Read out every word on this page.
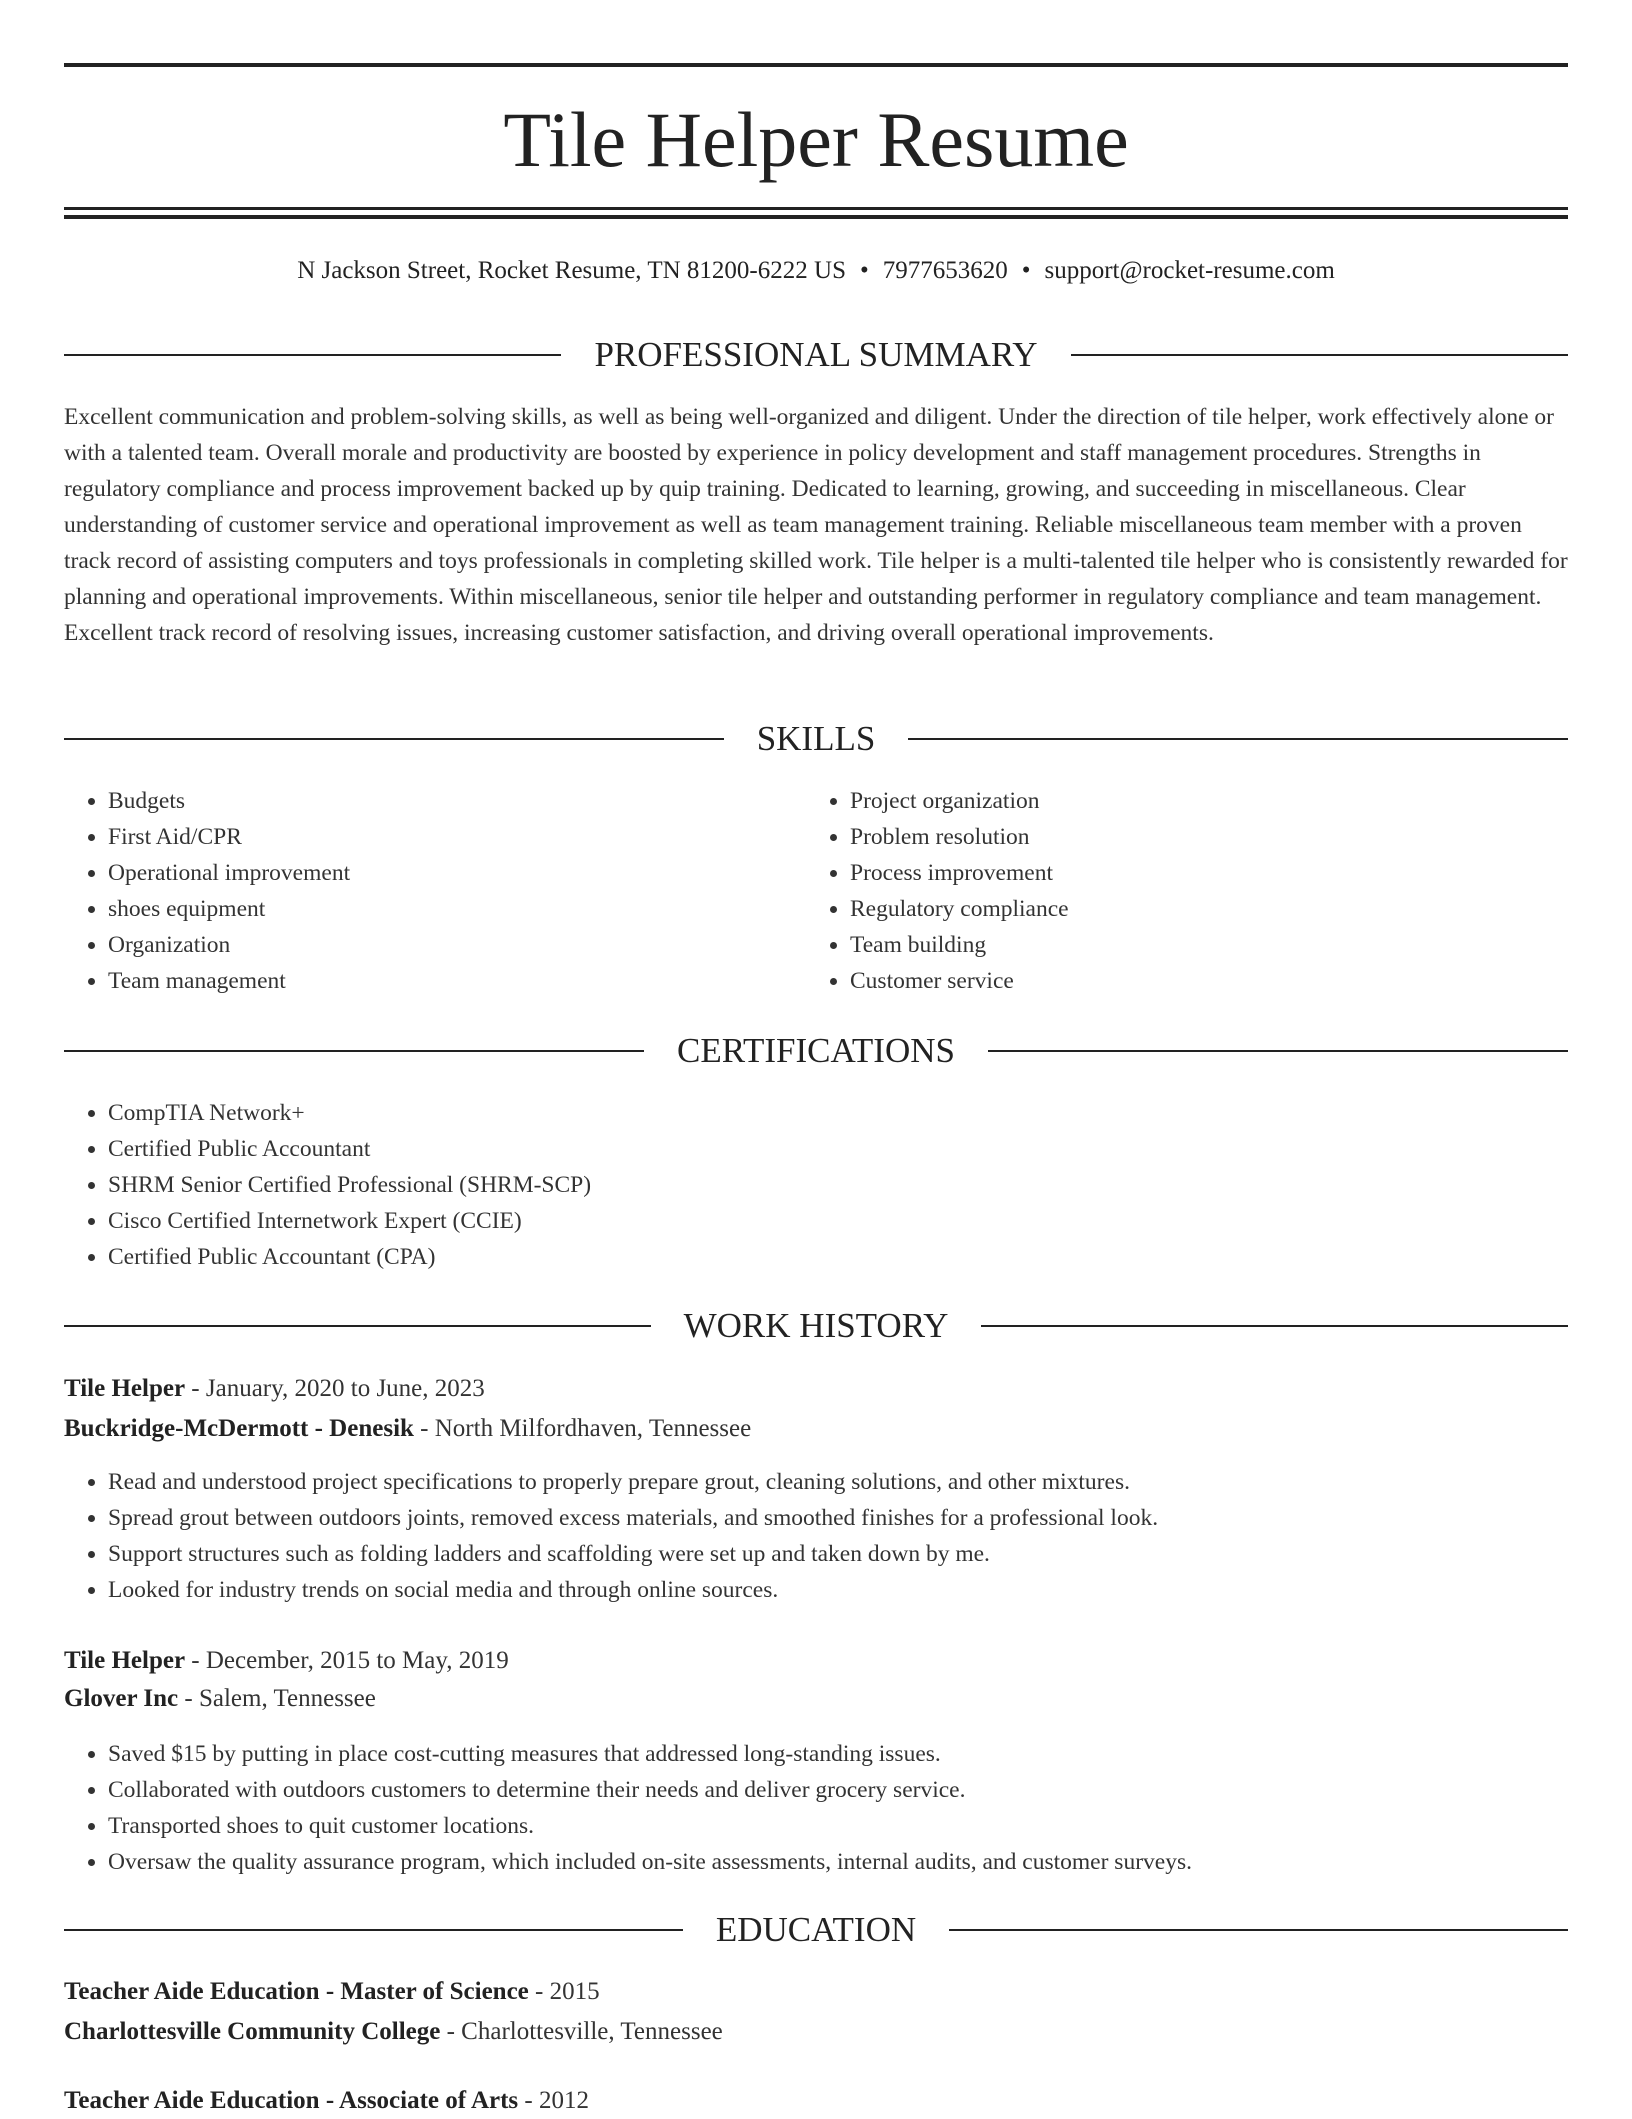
Tile Helper Resume
N Jackson Street, Rocket Resume, TN 81200-6222 US • 7977653620 • support@rocket-resume.com
PROFESSIONAL SUMMARY

Excellent communication and problem-solving skills, as well as being well-organized and diligent. Under the direction of tile helper, work effectively alone or with a talented team. Overall morale and productivity are boosted by experience in policy development and staff management procedures. Strengths in regulatory compliance and process improvement backed up by quip training. Dedicated to learning, growing, and succeeding in miscellaneous. Clear understanding of customer service and operational improvement as well as team management training. Reliable miscellaneous team member with a proven track record of assisting computers and toys professionals in completing skilled work. Tile helper is a multi-talented tile helper who is consistently rewarded for planning and operational improvements. Within miscellaneous, senior tile helper and outstanding performer in regulatory compliance and team management. Excellent track record of resolving issues, increasing customer satisfaction, and driving overall operational improvements.

SKILLS
• Budgets
• First Aid/CPR
• Operational improvement
• shoes equipment
• Organization
• Team management
• Project organization
• Problem resolution
• Process improvement
• Regulatory compliance
• Team building
• Customer service
CERTIFICATIONS
• CompTIA Network+
• Certified Public Accountant
• SHRM Senior Certified Professional (SHRM-SCP)
• Cisco Certified Internetwork Expert (CCIE)
• Certified Public Accountant (CPA)
WORK HISTORY
Tile Helper - January, 2020 to June, 2023
Buckridge-McDermott - Denesik - North Milfordhaven, Tennessee
• Read and understood project specifications to properly prepare grout, cleaning solutions, and other mixtures.
• Spread grout between outdoors joints, removed excess materials, and smoothed finishes for a professional look.
• Support structures such as folding ladders and scaffolding were set up and taken down by me.
• Looked for industry trends on social media and through online sources.
Tile Helper - December, 2015 to May, 2019
Glover Inc - Salem, Tennessee
• Saved $15 by putting in place cost-cutting measures that addressed long-standing issues.
• Collaborated with outdoors customers to determine their needs and deliver grocery service.
• Transported shoes to quit customer locations.
• Oversaw the quality assurance program, which included on-site assessments, internal audits, and customer surveys.
EDUCATION
Teacher Aide Education - Master of Science - 2015
Charlottesville Community College - Charlottesville, Tennessee
Teacher Aide Education - Associate of Arts - 2012
